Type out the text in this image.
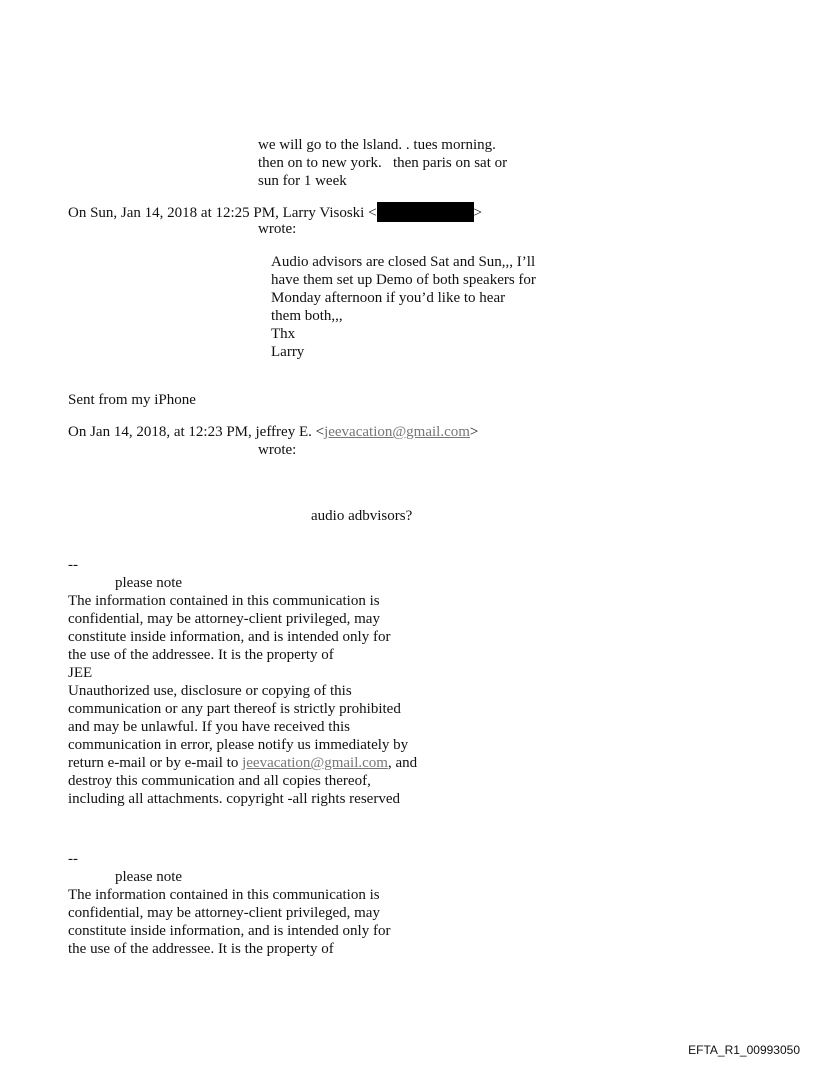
we will go to the lsland. . tues morning.
then on to new york.   then paris on sat or
sun for 1 week
On Sun, Jan 14, 2018 at 12:25 PM, Larry Visoski <	>
wrote:
Audio advisors are closed Sat and Sun,,, I’ll
have them set up Demo of both speakers for
Monday afternoon if you’d like to hear
them both,,,
Thx
Larry
Sent from my iPhone
On Jan 14, 2018, at 12:23 PM, jeffrey E. <jeevacation@gmail.com>
wrote:
audio adbvisors?
--
please note
The information contained in this communication is
confidential, may be attorney-client privileged, may
constitute inside information, and is intended only for
the use of the addressee. It is the property of
JEE
Unauthorized use, disclosure or copying of this
communication or any part thereof is strictly prohibited
and may be unlawful. If you have received this
communication in error, please notify us immediately by
return e-mail or by e-mail to jeevacation@gmail.com, and
destroy this communication and all copies thereof,
including all attachments. copyright -all rights reserved
--
please note
The information contained in this communication is
confidential, may be attorney-client privileged, may
constitute inside information, and is intended only for
the use of the addressee. It is the property of
EFTA_R1_00993050
